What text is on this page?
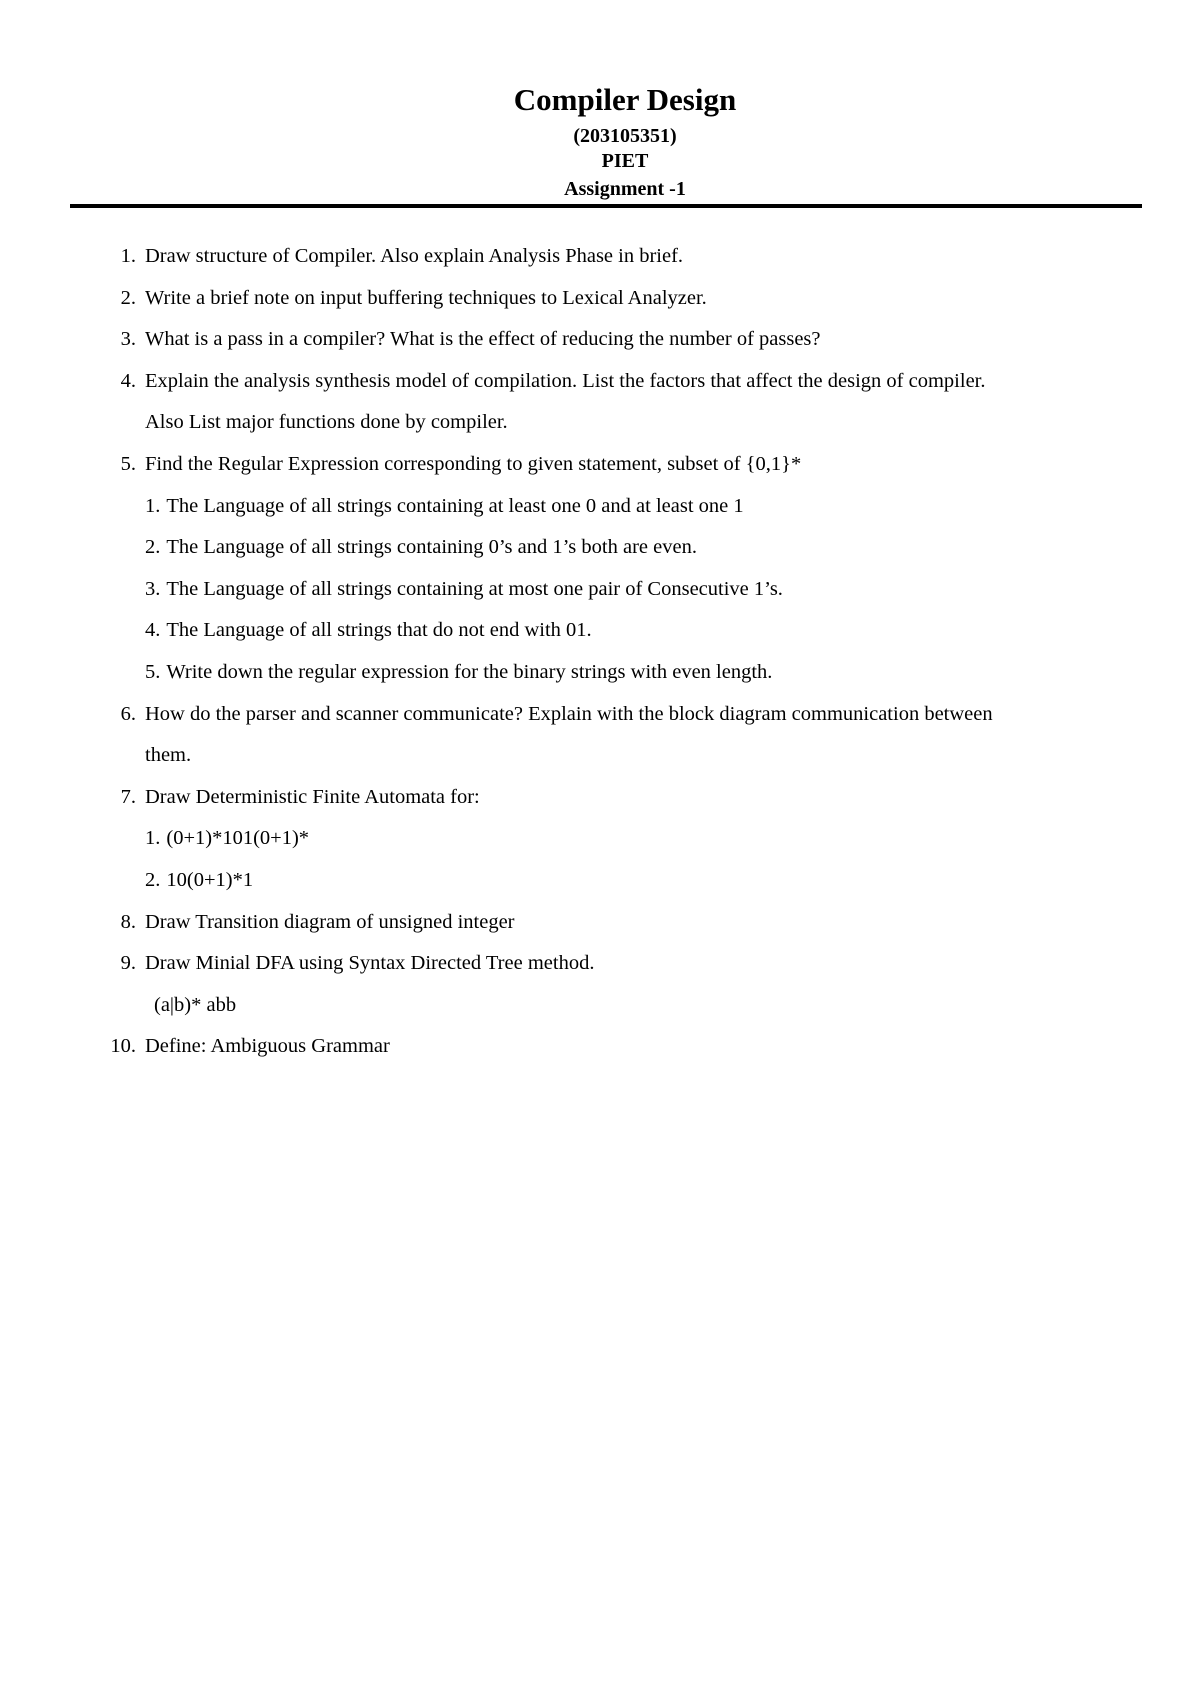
Compiler Design
(203105351)
PIET
Assignment -1
1. Draw structure of Compiler. Also explain Analysis Phase in brief.
2. Write a brief note on input buffering techniques to Lexical Analyzer.
3. What is a pass in a compiler? What is the effect of reducing the number of passes?
4. Explain the analysis synthesis model of compilation. List the factors that affect the design of compiler.
Also List major functions done by compiler.
5. Find the Regular Expression corresponding to given statement, subset of {0,1}*
1. The Language of all strings containing at least one 0 and at least one 1
2. The Language of all strings containing 0’s and 1’s both are even.
3. The Language of all strings containing at most one pair of Consecutive 1’s.
4. The Language of all strings that do not end with 01.
5. Write down the regular expression for the binary strings with even length.
6. How do the parser and scanner communicate? Explain with the block diagram communication between
them.
7. Draw Deterministic Finite Automata for:
1. (0+1)*101(0+1)*
2. 10(0+1)*1
8. Draw Transition diagram of unsigned integer
9. Draw Minial DFA using Syntax Directed Tree method.
(a|b)* abb
10. Define: Ambiguous Grammar
